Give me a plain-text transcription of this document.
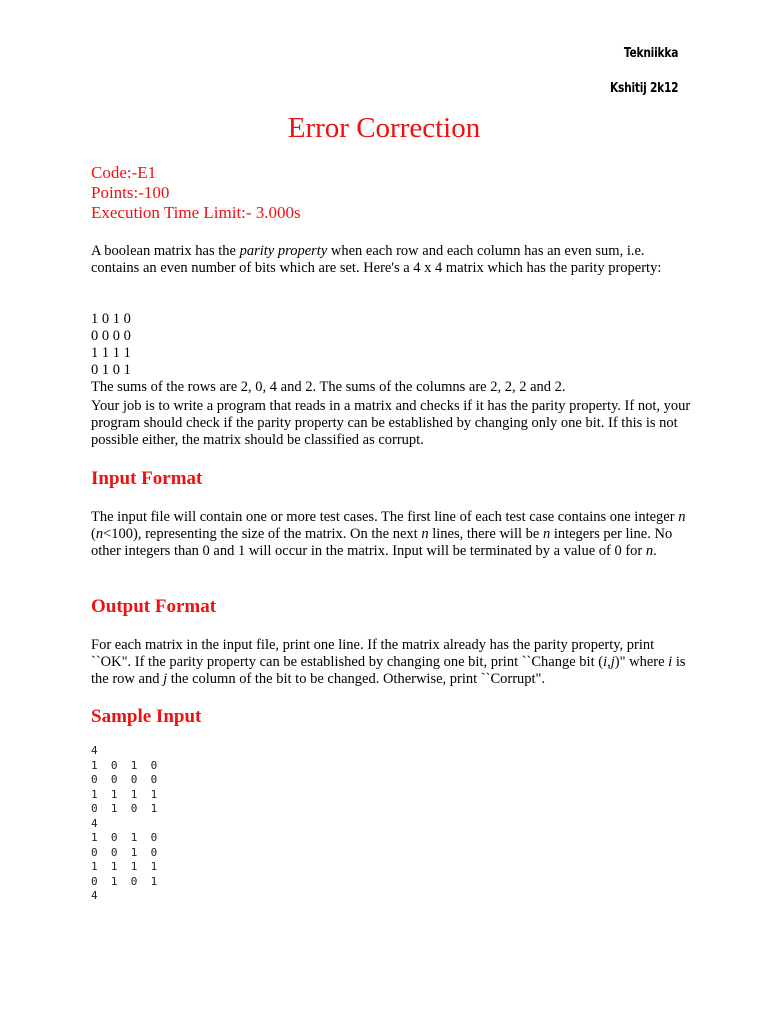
Tekniikka
Kshitij 2k12
Error Correction
Code:-E1
Points:-100
Execution Time Limit:- 3.000s
A boolean matrix has the parity property when each row and each column has an even sum, i.e. contains an even number of bits which are set. Here's a 4 x 4 matrix which has the parity property:
1 0 1 0
0 0 0 0
1 1 1 1
0 1 0 1
The sums of the rows are 2, 0, 4 and 2. The sums of the columns are 2, 2, 2 and 2.
Your job is to write a program that reads in a matrix and checks if it has the parity property. If not, your program should check if the parity property can be established by changing only one bit. If this is not possible either, the matrix should be classified as corrupt.
Input Format
The input file will contain one or more test cases. The first line of each test case contains one integer n (n<100), representing the size of the matrix. On the next n lines, there will be n integers per line. No other integers than 0 and 1 will occur in the matrix. Input will be terminated by a value of 0 for n.
Output Format
For each matrix in the input file, print one line. If the matrix already has the parity property, print ``OK". If the parity property can be established by changing one bit, print ``Change bit (i,j)" where i is the row and j the column of the bit to be changed. Otherwise, print ``Corrupt".
Sample Input
4
1  0  1  0
0  0  0  0
1  1  1  1
0  1  0  1
4
1  0  1  0
0  0  1  0
1  1  1  1
0  1  0  1
4
